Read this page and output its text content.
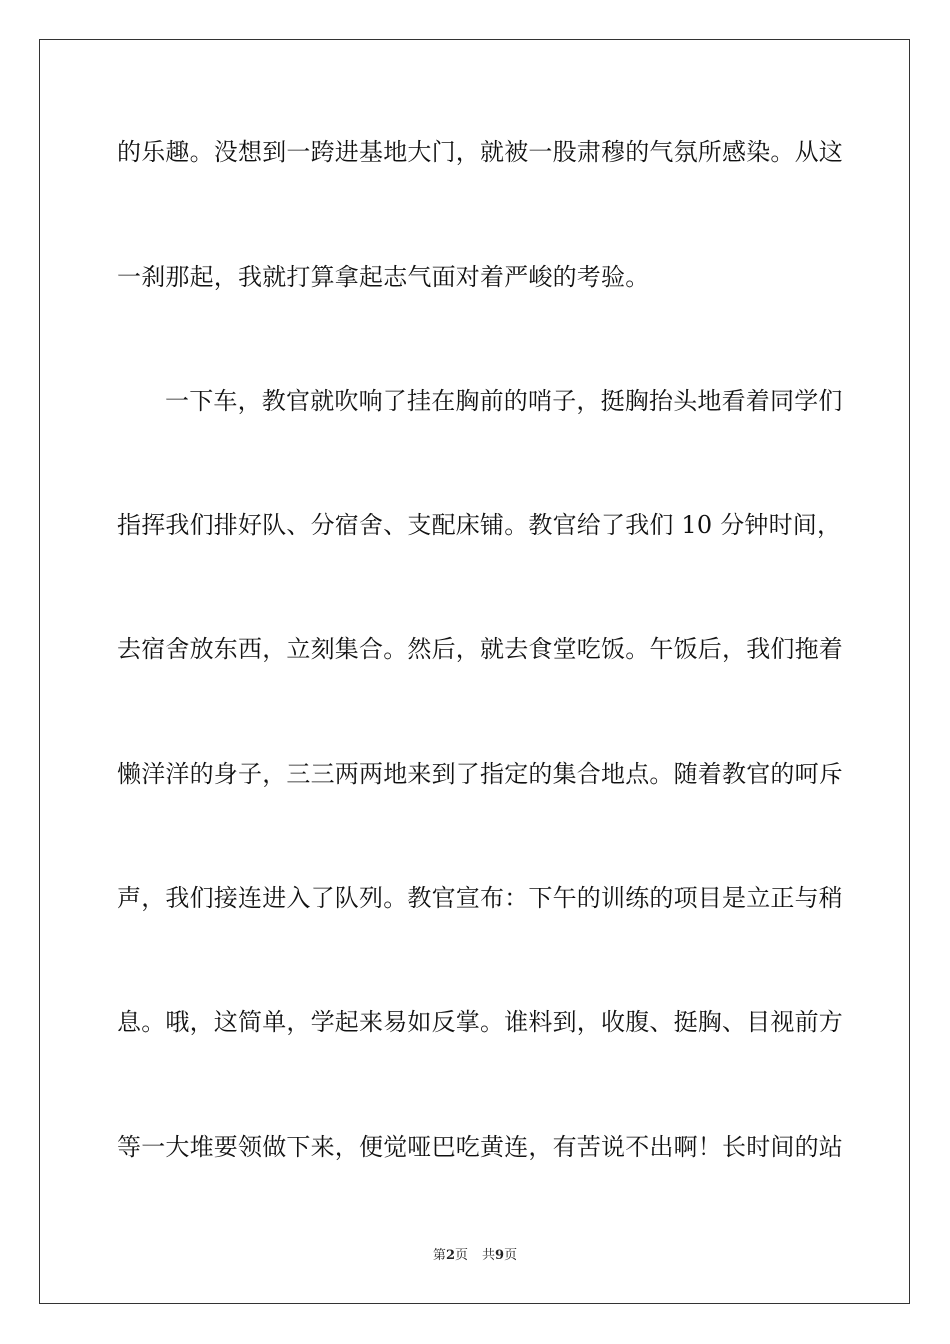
的乐趣。没想到一跨进基地大门，就被一股肃穆的气氛所感染。从这
一刹那起，我就打算拿起志气面对着严峻的考验。
一下车，教官就吹响了挂在胸前的哨子，挺胸抬头地看着同学们
指挥我们排好队、分宿舍、支配床铺。教官给了我们 10 分钟时间，
去宿舍放东西，立刻集合。然后，就去食堂吃饭。午饭后，我们拖着
懒洋洋的身子，三三两两地来到了指定的集合地点。随着教官的呵斥
声，我们接连进入了队列。教官宣布：下午的训练的项目是立正与稍
息。哦，这简单，学起来易如反掌。谁料到，收腹、挺胸、目视前方
等一大堆要领做下来，便觉哑巴吃黄连，有苦说不出啊！长时间的站
第2页 共9页
